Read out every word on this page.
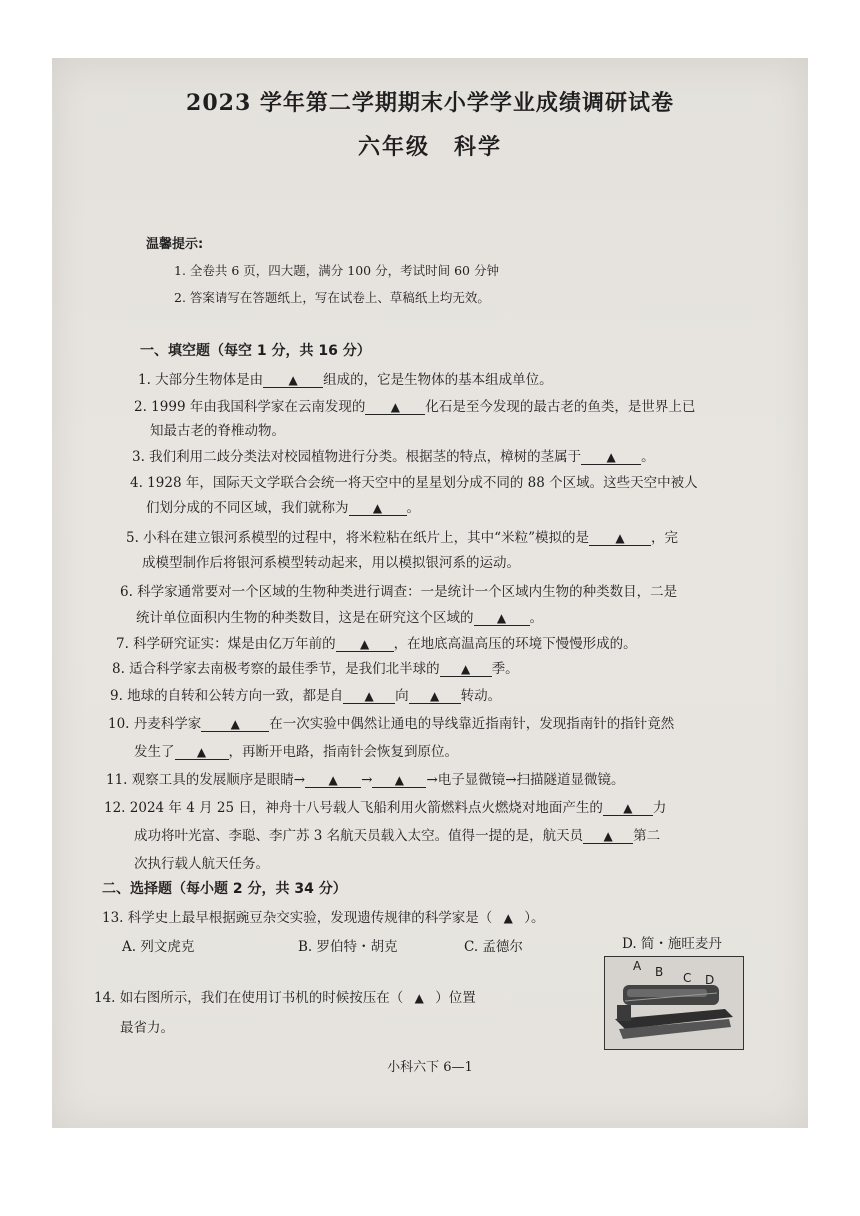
2023 学年第二学期期末小学学业成绩调研试卷
六年级　科学
温馨提示:
1. 全卷共 6 页，四大题，满分 100 分，考试时间 60 分钟
2. 答案请写在答题纸上，写在试卷上、草稿纸上均无效。
一、填空题（每空 1 分，共 16 分）
1. 大部分生物体是由 ▲ 组成的，它是生物体的基本组成单位。
2. 1999 年由我国科学家在云南发现的 ▲ 化石是至今发现的最古老的鱼类，是世界上已
知最古老的脊椎动物。
3. 我们利用二歧分类法对校园植物进行分类。根据茎的特点，樟树的茎属于 ▲ 。
4. 1928 年，国际天文学联合会统一将天空中的星星划分成不同的 88 个区域。这些天空中被人
们划分成的不同区域，我们就称为 ▲ 。
5. 小科在建立银河系模型的过程中，将米粒粘在纸片上，其中“米粒”模拟的是 ▲ ，完
成模型制作后将银河系模型转动起来，用以模拟银河系的运动。
6. 科学家通常要对一个区域的生物种类进行调查：一是统计一个区域内生物的种类数目，二是
统计单位面积内生物的种类数目，这是在研究这个区域的 ▲ 。
7. 科学研究证实：煤是由亿万年前的 ▲ ，在地底高温高压的环境下慢慢形成的。
8. 适合科学家去南极考察的最佳季节，是我们北半球的 ▲ 季。
9. 地球的自转和公转方向一致，都是自 ▲ 向 ▲ 转动。
10. 丹麦科学家 ▲ 在一次实验中偶然让通电的导线靠近指南针，发现指南针的指针竟然
发生了 ▲ ，再断开电路，指南针会恢复到原位。
11. 观察工具的发展顺序是眼睛→ ▲ → ▲ →电子显微镜→扫描隧道显微镜。
12. 2024 年 4 月 25 日，神舟十八号载人飞船利用火箭燃料点火燃烧对地面产生的 ▲ 力
成功将叶光富、李聪、李广苏 3 名航天员载入太空。值得一提的是，航天员 ▲ 第二
次执行载人航天任务。
二、选择题（每小题 2 分，共 34 分）
13. 科学史上最早根据豌豆杂交实验，发现遗传规律的科学家是（ ▲ ）。
A. 列文虎克	B. 罗伯特・胡克	C. 孟德尔	D. 简・施旺麦丹
14. 如右图所示，我们在使用订书机的时候按压在（ ▲ ）位置
最省力。
A B C D
小科六下 6—1
